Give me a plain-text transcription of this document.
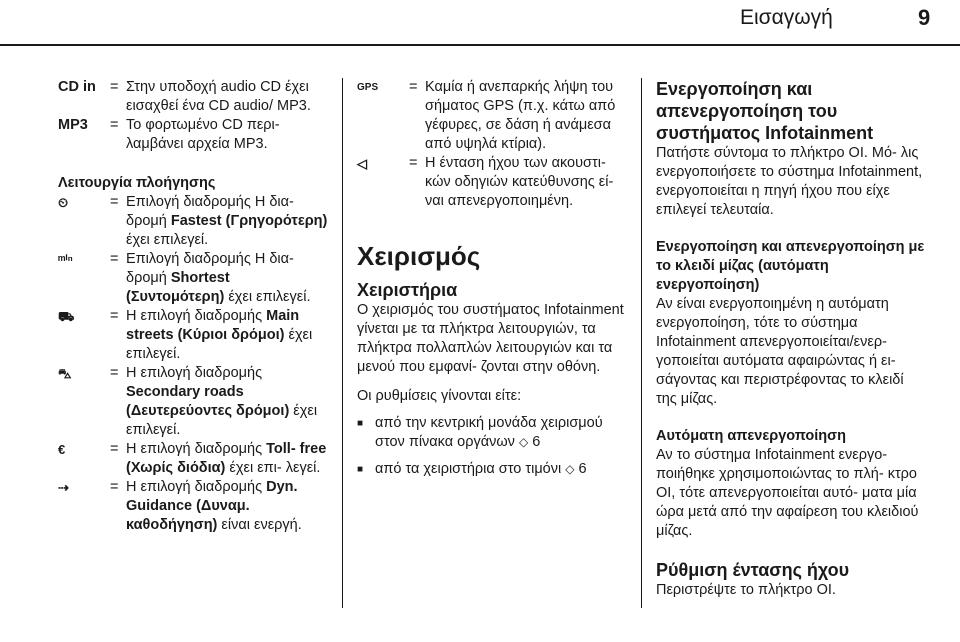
Εισαγωγή	9
CD in = Στην υποδοχή audio CD έχει εισαχθεί ένα CD audio/ MP3.
MP3	= Το φορτωμένο CD περι- λαμβάνει αρχεία MP3.
Λειτουργία πλοήγησης
⏲	= Επιλογή διαδρομής Η δια- δρομή Fastest (Γρηγορότερη) έχει επιλεγεί.
ᵐⁱⁿ	= Επιλογή διαδρομής Η δια- δρομή Shortest (Συντομότερη) έχει επιλεγεί.
⛟	= Η επιλογή διαδρομής Main streets (Κύριοι δρόμοι) έχει επιλεγεί.
⛍	= Η επιλογή διαδρομής Secondary roads (Δευτερεύοντες δρόμοι) έχει επιλεγεί.
€	= Η επιλογή διαδρομής Toll- free (Χωρίς διόδια) έχει επι- λεγεί.
⇢	= Η επιλογή διαδρομής Dyn. Guidance (Δυναμ. καθοδήγηση) είναι ενεργή.
GPS	= Καμία ή ανεπαρκής λήψη του σήματος GPS (π.χ. κάτω από γέφυρες, σε δάση ή ανάμεσα από υψηλά κτίρια).
◁	= Η ένταση ήχου των ακουστι- κών οδηγιών κατεύθυνσης εί- ναι απενεργοποιημένη.
Χειρισμός
Χειριστήρια

Ο χειρισμός του συστήματος Infotainment γίνεται με τα πλήκτρα λειτουργιών, τα πλήκτρα πολλαπλών λειτουργιών και τα μενού που εμφανί- ζονται στην οθόνη.

Οι ρυθμίσεις γίνονται είτε:

■ από την κεντρική μονάδα χειρισμού στον πίνακα οργάνων ◇ 6
■ από τα χειριστήρια στο τιμόνι ◇ 6
Ενεργοποίηση και απενεργοποίηση του συστήματος Infotainment

Πατήστε σύντομα το πλήκτρο OI. Μό- λις ενεργοποιήσετε το σύστημα Infotainment, ενεργοποιείται η πηγή ήχου που είχε επιλεγεί τελευταία.

Ενεργοποίηση και απενεργοποίηση με το κλειδί μίζας (αυτόματη ενεργοποίηση)

Αν είναι ενεργοποιημένη η αυτόματη ενεργοποίηση, τότε το σύστημα Infotainment απενεργοποιείται/ενερ- γοποιείται αυτόματα αφαιρώντας ή ει- σάγοντας και περιστρέφοντας το κλειδί της μίζας.

Αυτόματη απενεργοποίηση

Αν το σύστημα Infotainment ενεργο- ποιήθηκε χρησιμοποιώντας το πλή- κτρο OI, τότε απενεργοποιείται αυτό- ματα μία ώρα μετά από την αφαίρεση του κλειδιού μίζας.

Ρύθμιση έντασης ήχου

Περιστρέψτε το πλήκτρο OI.
